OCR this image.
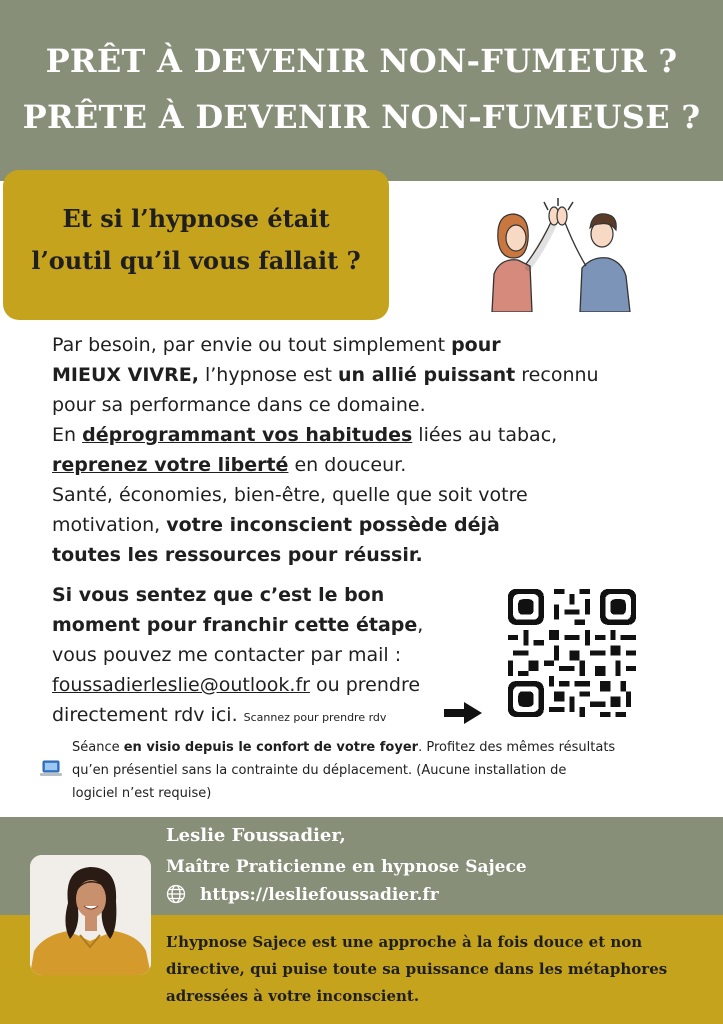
PRÊT À DEVENIR NON-FUMEUR ?
PRÊTE À DEVENIR NON-FUMEUSE ?
Et si l’hypnose était
l’outil qu’il vous fallait ?
Par besoin, par envie ou tout simplement pour
MIEUX VIVRE, l’hypnose est un allié puissant reconnu
pour sa performance dans ce domaine.
En déprogrammant vos habitudes liées au tabac,
reprenez votre liberté en douceur.
Santé, économies, bien-être, quelle que soit votre
motivation, votre inconscient possède déjà
toutes les ressources pour réussir.
Si vous sentez que c’est le bon
moment pour franchir cette étape,
vous pouvez me contacter par mail :
foussadierleslie@outlook.fr ou prendre
directement rdv ici. Scannez pour prendre rdv
Séance en visio depuis le confort de votre foyer. Profitez des mêmes résultats
qu’en présentiel sans la contrainte du déplacement. (Aucune installation de
logiciel n’est requise)
Leslie Foussadier,
Maître Praticienne en hypnose Sajece
https://lesliefoussadier.fr
L’hypnose Sajece est une approche à la fois douce et non
directive, qui puise toute sa puissance dans les métaphores
adressées à votre inconscient.
